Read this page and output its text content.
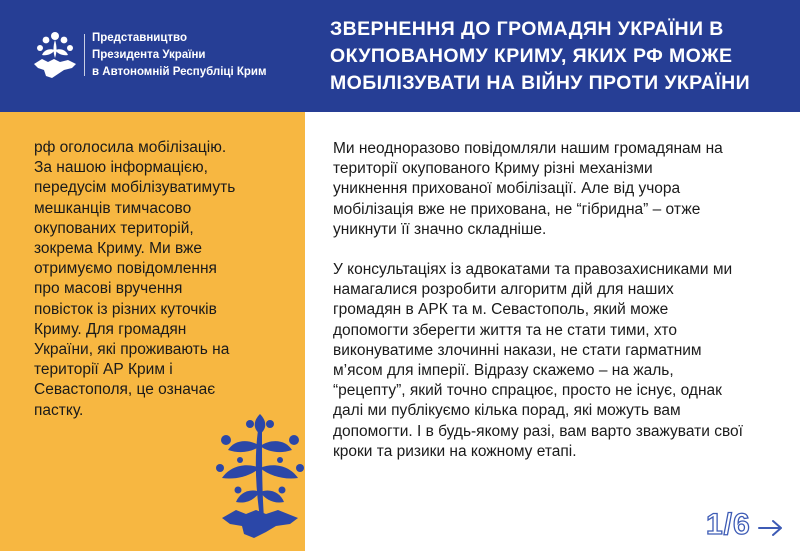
Представництво
Президента України
в Автономній Республіці Крим
ЗВЕРНЕННЯ ДО ГРОМАДЯН УКРАЇНИ В
ОКУПОВАНОМУ КРИМУ, ЯКИХ РФ МОЖЕ
МОБІЛІЗУВАТИ НА ВІЙНУ ПРОТИ УКРАЇНИ
рф оголосила мобілізацію.
За нашою інформацією,
передусім мобілізуватимуть
мешканців тимчасово
окупованих територій,
зокрема Криму. Ми вже
отримуємо повідомлення
про масові вручення
повісток із різних куточків
Криму. Для громадян
України, які проживають на
території АР Крим і
Севастополя, це означає
пастку.
Ми неодноразово повідомляли нашим громадянам на
території окупованого Криму різні механізми
уникнення прихованої мобілізації. Але від учора
мобілізація вже не прихована, не “гібридна” – отже
уникнути її значно складніше.
У консультаціях із адвокатами та правозахисниками ми
намагалися розробити алгоритм дій для наших
громадян в АРК та м. Севастополь, який може
допомогти зберегти життя та не стати тими, хто
виконуватиме злочинні накази, не стати гарматним
м’ясом для імперії. Відразу скажемо – на жаль,
“рецепту”, який точно спрацює, просто не існує, однак
далі ми публікуємо кілька порад, які можуть вам
допомогти. І в будь-якому разі, вам варто зважувати свої
кроки та ризики на кожному етапі.
1/6
